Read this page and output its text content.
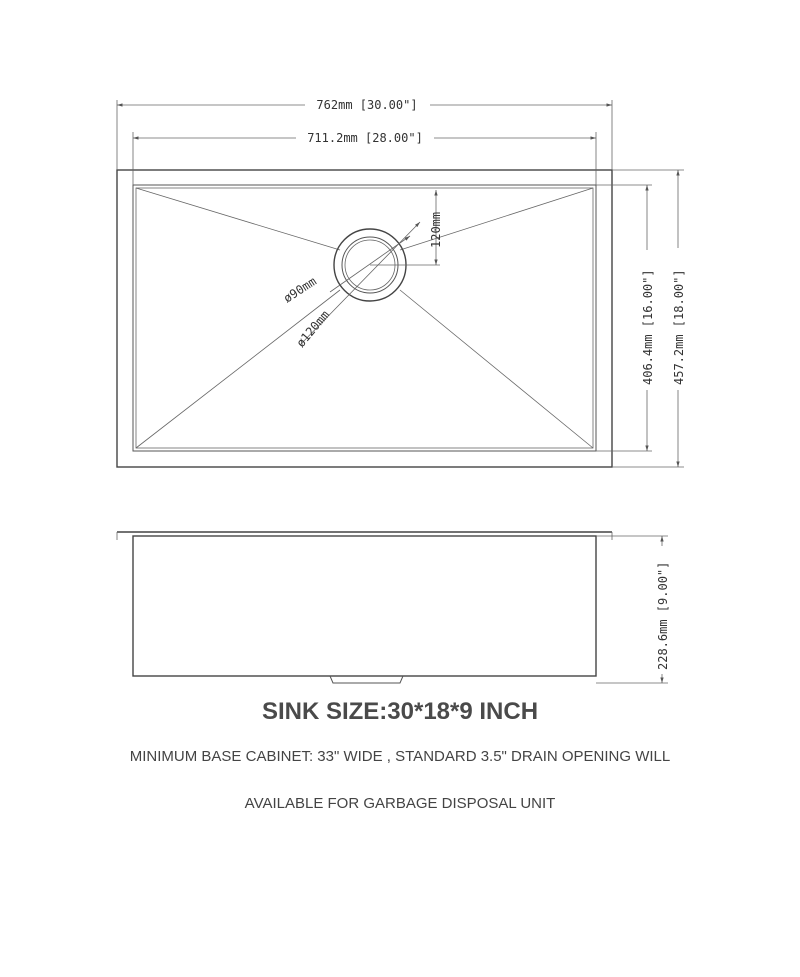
ø90mm
ø120mm
120mm
762mm [30.00"]
711.2mm [28.00"]
406.4mm [16.00"] 457.2mm [18.00"]
228.6mm [9.00"]
SINK SIZE:30*18*9 INCH
MINIMUM BASE CABINET: 33" WIDE , STANDARD 3.5" DRAIN OPENING WILL
AVAILABLE FOR GARBAGE DISPOSAL UNIT
